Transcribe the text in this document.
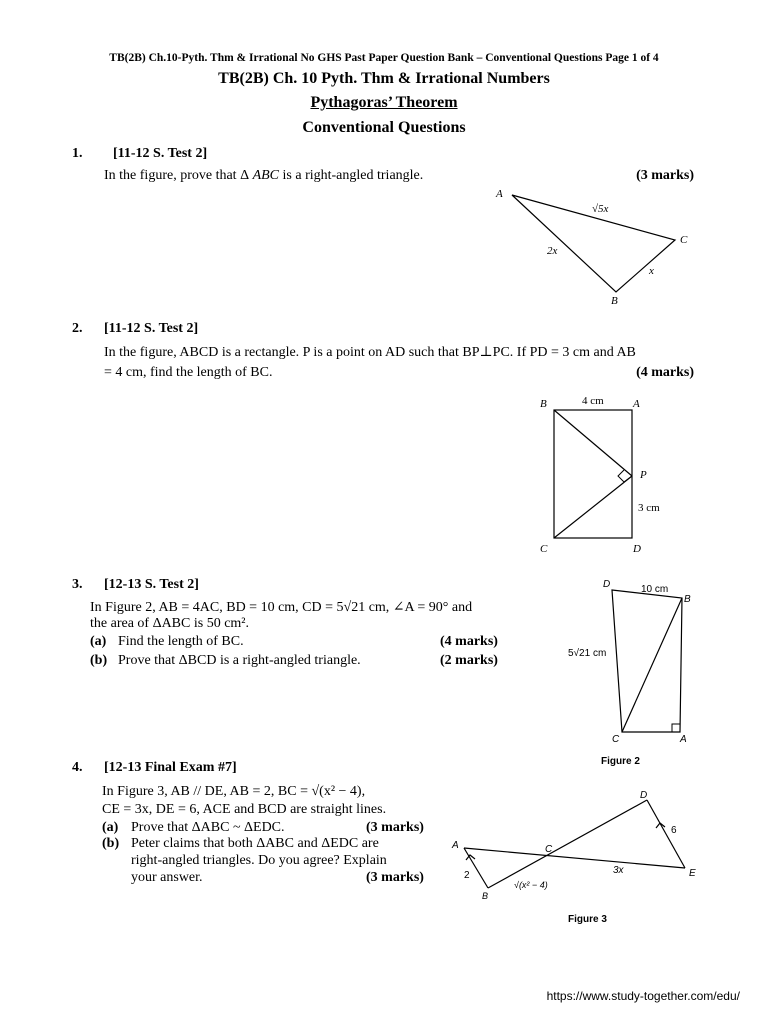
TB(2B) Ch.10-Pyth. Thm & Irrational No GHS Past Paper Question Bank – Conventional Questions Page 1 of 4
TB(2B) Ch. 10 Pyth. Thm & Irrational Numbers
Pythagoras’ Theorem
Conventional Questions
1. [11-12 S. Test 2]
In the figure, prove that Δ ABC is a right-angled triangle.	(3 marks)
A
C
B
√5x
2x
x
2. [11-12 S. Test 2]
In the figure, ABCD is a rectangle. P is a point on AD such that BP⊥PC. If PD = 3 cm and AB
= 4 cm, find the length of BC.	(4 marks)
B	A
C	D
P
4 cm
3 cm
3. [12-13 S. Test 2]
In Figure 2, AB = 4AC, BD = 10 cm, CD = 5√21 cm, ∠A = 90° and
the area of ΔABC is 50 cm².
(a) Find the length of BC.	(4 marks)
(b) Prove that ΔBCD is a right-angled triangle.	(2 marks)
D
B
C	A
10 cm
5√21 cm
Figure 2
4. [12-13 Final Exam #7]
In Figure 3, AB // DE, AB = 2, BC = √(x² − 4),
CE = 3x, DE = 6, ACE and BCD are straight lines.
(a) Prove that ΔABC ~ ΔEDC.	(3 marks)
(b) Peter claims that both ΔABC and ΔEDC are
right-angled triangles. Do you agree? Explain
your answer.	(3 marks)
A
B
C
D
E
2
6
3x
√(x² − 4)
Figure 3
https://www.study-together.com/edu/
